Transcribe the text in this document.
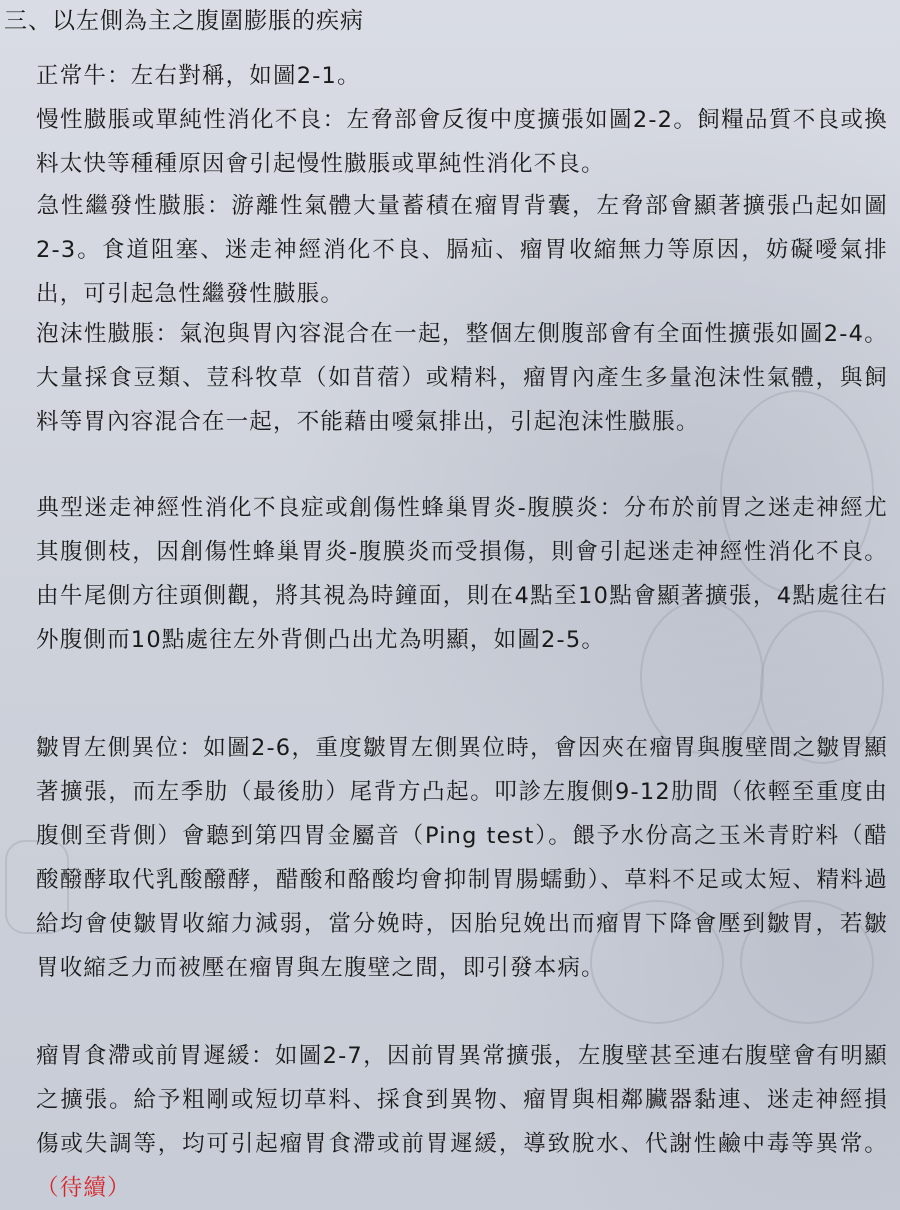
三、以左側為主之腹圍膨脹的疾病
正常牛：左右對稱，如圖2-1。
慢性臌脹或單純性消化不良：左脅部會反復中度擴張如圖2-2。飼糧品質不良或換料太快等種種原因會引起慢性臌脹或單純性消化不良。
急性繼發性臌脹：游離性氣體大量蓄積在瘤胃背囊，左脅部會顯著擴張凸起如圖2-3。食道阻塞、迷走神經消化不良、膈疝、瘤胃收縮無力等原因，妨礙噯氣排出，可引起急性繼發性臌脹。
泡沫性臌脹：氣泡與胃內容混合在一起，整個左側腹部會有全面性擴張如圖2-4。大量採食豆類、荳科牧草（如苜蓿）或精料，瘤胃內產生多量泡沫性氣體，與飼料等胃內容混合在一起，不能藉由噯氣排出，引起泡沫性臌脹。
典型迷走神經性消化不良症或創傷性蜂巢胃炎-腹膜炎：分布於前胃之迷走神經尤其腹側枝，因創傷性蜂巢胃炎-腹膜炎而受損傷，則會引起迷走神經性消化不良。由牛尾側方往頭側觀，將其視為時鐘面，則在4點至10點會顯著擴張，4點處往右外腹側而10點處往左外背側凸出尤為明顯，如圖2-5。
皺胃左側異位：如圖2-6，重度皺胃左側異位時，會因夾在瘤胃與腹壁間之皺胃顯著擴張，而左季肋（最後肋）尾背方凸起。叩診左腹側9-12肋間（依輕至重度由腹側至背側）會聽到第四胃金屬音（Ping test）。餵予水份高之玉米青貯料（醋酸醱酵取代乳酸醱酵，醋酸和酪酸均會抑制胃腸蠕動）、草料不足或太短、精料過給均會使皺胃收縮力減弱，當分娩時，因胎兒娩出而瘤胃下降會壓到皺胃，若皺胃收縮乏力而被壓在瘤胃與左腹壁之間，即引發本病。
瘤胃食滯或前胃遲緩：如圖2-7，因前胃異常擴張，左腹壁甚至連右腹壁會有明顯之擴張。給予粗剛或短切草料、採食到異物、瘤胃與相鄰臟器黏連、迷走神經損傷或失調等，均可引起瘤胃食滯或前胃遲緩，導致脫水、代謝性鹼中毒等異常。（待續）
